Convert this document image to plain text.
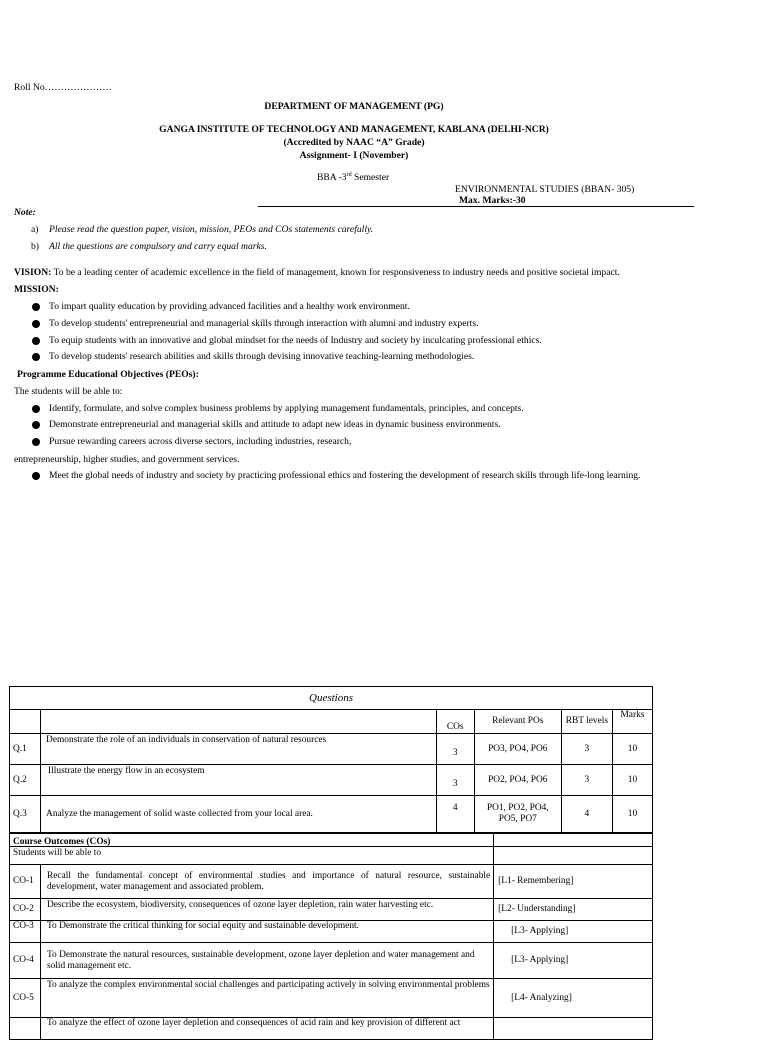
Roll No…………………
DEPARTMENT OF MANAGEMENT (PG)
GANGA INSTITUTE OF TECHNOLOGY AND MANAGEMENT, KABLANA (DELHI-NCR)
(Accredited by NAAC “A” Grade)
Assignment- I (November)
BBA -3rd Semester
ENVIRONMENTAL STUDIES (BBAN- 305)
Max. Marks:-30
Note:
a) Please read the question paper, vision, mission, PEOs and COs statements carefully.
b) All the questions are compulsory and carry equal marks.
VISION: To be a leading center of academic excellence in the field of management, known for responsiveness to industry needs and positive societal impact.
MISSION:
To impart quality education by providing advanced facilities and a healthy work environment.
To develop students' entrepreneurial and managerial skills through interaction with alumni and industry experts.
To equip students with an innovative and global mindset for the needs of Industry and society by inculcating professional ethics.
To develop students' research abilities and skills through devising innovative teaching-learning methodologies.
Programme Educational Objectives (PEOs):
The students will be able to:
Identify, formulate, and solve complex business problems by applying management fundamentals, principles, and concepts.
Demonstrate entrepreneurial and managerial skills and attitude to adapt new ideas in dynamic business environments.
Pursue rewarding careers across diverse sectors, including industries, research,
entrepreneurship, higher studies, and government services.
Meet the global needs of industry and society by practicing professional ethics and fostering the development of research skills through life-long learning.
Questions					
		COs	Relevant POs	RBT levels	Marks
Q.1	Demonstrate the role of an individuals in conservation of natural resources	3	PO3, PO4, PO6	3	10
Q.2	Illustrate the energy flow in an ecosystem	3	PO2, PO4, PO6	3	10
Q.3	Analyze the management of solid waste collected from your local area.	4	PO1, PO2, PO4, PO5, PO7	4	10

Course Outcomes (COs)
Students will be able to		

CO-1	Recall the fundamental concept of environmental studies and importance of natural resource, sustainable development, water management and associated problem.	[L1- Remembering]
CO-2	Describe the ecosystem, biodiversity, consequences of ozone layer depletion, rain water harvesting etc.	[L2- Understanding]
CO-3	To Demonstrate the critical thinking for social equity and sustainable development.	[L3- Applying]
CO-4	To Demonstrate the natural resources, sustainable development, ozone layer depletion and water management and solid management etc.	[L3- Applying]
CO-5	To analyze the complex environmental social challenges and participating actively in solving environmental problems	[L4- Analyzing]
	To analyze the effect of ozone layer depletion and consequences of acid rain and key provision of different act	
